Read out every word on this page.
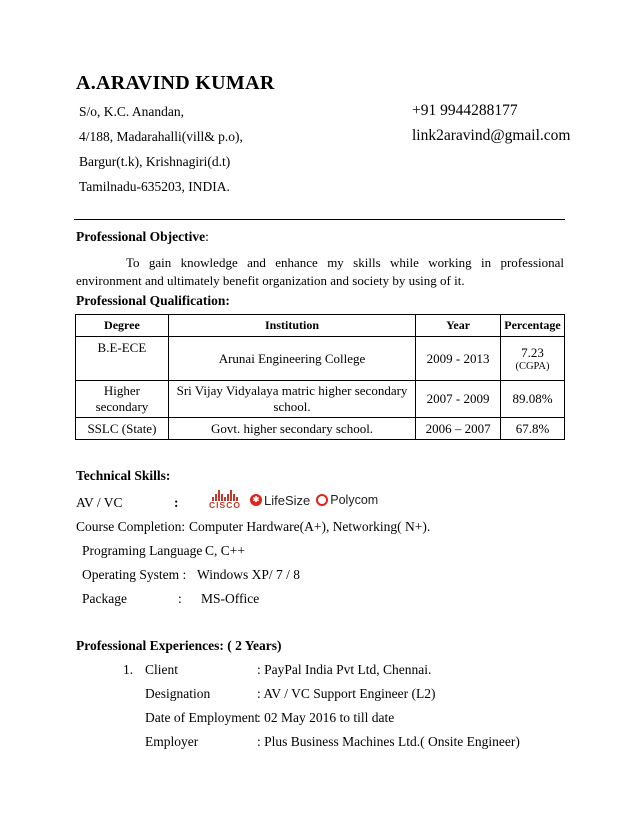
A.ARAVIND KUMAR
S/o, K.C. Anandan,
4/188, Madarahalli(vill& p.o),
Bargur(t.k), Krishnagiri(d.t)
Tamilnadu-635203, INDIA.
+91 9944288177
link2aravind@gmail.com
Professional Objective:
To gain knowledge and enhance my skills while working in professional environment and ultimately benefit organization and society by using of it.
Professional Qualification:
Degree	Institution	Year	Percentage
B.E-ECE	Arunai Engineering College	2009 - 2013	7.23
(CGPA)

Higher secondary	Sri Vijay Vidyalaya matric higher secondary school.	2007 - 2009	89.08%
SSLC (State)	Govt. higher secondary school.	2006 – 2007	67.8%
Technical Skills:
AV / VC	:	CISCO
✱ LifeSize Polycom
Course Completion: Computer Hardware(A+), Networking( N+).
Programing Language C, C++
Operating System : Windows XP/ 7 / 8
Package	: MS-Office
Professional Experiences: ( 2 Years)
1. Client	: PayPal India Pvt Ltd, Chennai.
Designation	: AV / VC Support Engineer (L2)
Date of Employment
: 02 May 2016 to till date
Employer	: Plus Business Machines Ltd.( Onsite Engineer)
